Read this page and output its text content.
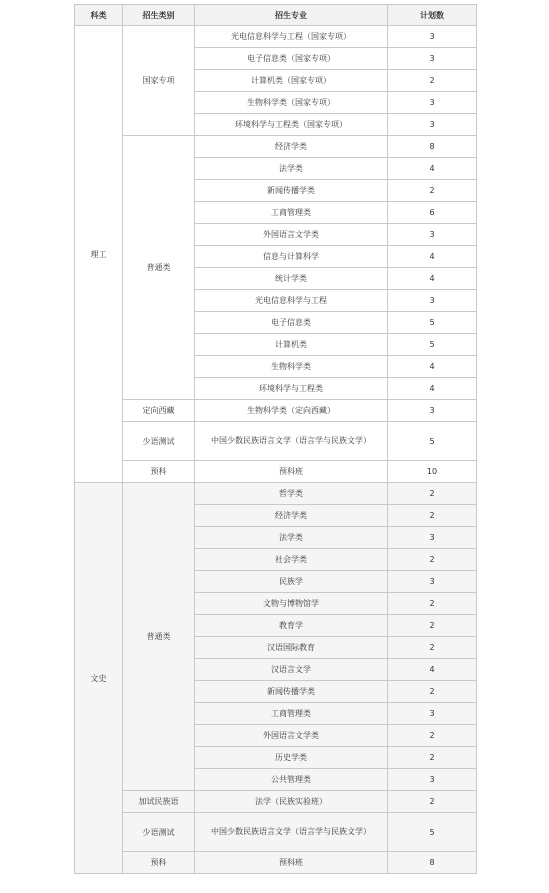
科类	招生类别	招生专业	计划数
理工	国家专项	光电信息科学与工程（国家专项）	3
		电子信息类（国家专项）	3
		计算机类（国家专项）	2
		生物科学类（国家专项）	3
		环境科学与工程类（国家专项）	3
	普通类	经济学类	8
		法学类	4
		新闻传播学类	2
		工商管理类	6
		外国语言文学类	3
		信息与计算科学	4
		统计学类	4
		光电信息科学与工程	3
		电子信息类	5
		计算机类	5
		生物科学类	4
		环境科学与工程类	4
	定向西藏	生物科学类（定向西藏）	3
	少语测试	中国少数民族语言文学（语言学与民族文学）	5
	预科	预科班	10
文史	普通类	哲学类	2
		经济学类	2
		法学类	3
		社会学类	2
		民族学	3
		文物与博物馆学	2
		教育学	2
		汉语国际教育	2
		汉语言文学	4
		新闻传播学类	2
		工商管理类	3
		外国语言文学类	2
		历史学类	2
		公共管理类	3
	加试民族语	法学（民族实验班）	2
	少语测试	中国少数民族语言文学（语言学与民族文学）	5
	预科	预科班	8
